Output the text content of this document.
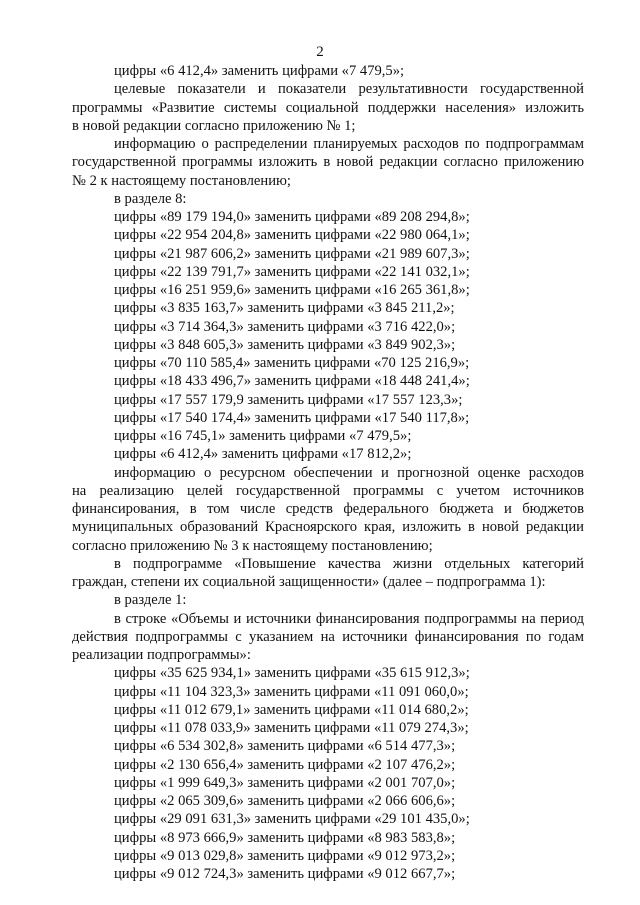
2
цифры «6 412,4» заменить цифрами «7 479,5»;
целевые показатели и показатели результативности государственной
программы «Развитие системы социальной поддержки населения» изложить
в новой редакции согласно приложению № 1;
информацию о распределении планируемых расходов по подпрограммам
государственной программы изложить в новой редакции согласно приложению
№ 2 к настоящему постановлению;
в разделе 8:
цифры «89 179 194,0» заменить цифрами «89 208 294,8»;
цифры «22 954 204,8» заменить цифрами «22 980 064,1»;
цифры «21 987 606,2» заменить цифрами «21 989 607,3»;
цифры «22 139 791,7» заменить цифрами «22 141 032,1»;
цифры «16 251 959,6» заменить цифрами «16 265 361,8»;
цифры «3 835 163,7» заменить цифрами «3 845 211,2»;
цифры «3 714 364,3» заменить цифрами «3 716 422,0»;
цифры «3 848 605,3» заменить цифрами «3 849 902,3»;
цифры «70 110 585,4» заменить цифрами «70 125 216,9»;
цифры «18 433 496,7» заменить цифрами «18 448 241,4»;
цифры «17 557 179,9 заменить цифрами «17 557 123,3»;
цифры «17 540 174,4» заменить цифрами «17 540 117,8»;
цифры «16 745,1» заменить цифрами «7 479,5»;
цифры «6 412,4» заменить цифрами «17 812,2»;
информацию о ресурсном обеспечении и прогнозной оценке расходов
на реализацию целей государственной программы с учетом источников
финансирования, в том числе средств федерального бюджета и бюджетов
муниципальных образований Красноярского края, изложить в новой редакции
согласно приложению № 3 к настоящему постановлению;
в подпрограмме «Повышение качества жизни отдельных категорий
граждан, степени их социальной защищенности» (далее – подпрограмма 1):
в разделе 1:
в строке «Объемы и источники финансирования подпрограммы на период
действия подпрограммы с указанием на источники финансирования по годам
реализации подпрограммы»:
цифры «35 625 934,1» заменить цифрами «35 615 912,3»;
цифры «11 104 323,3» заменить цифрами «11 091 060,0»;
цифры «11 012 679,1» заменить цифрами «11 014 680,2»;
цифры «11 078 033,9» заменить цифрами «11 079 274,3»;
цифры «6 534 302,8» заменить цифрами «6 514 477,3»;
цифры «2 130 656,4» заменить цифрами «2 107 476,2»;
цифры «1 999 649,3» заменить цифрами «2 001 707,0»;
цифры «2 065 309,6» заменить цифрами «2 066 606,6»;
цифры «29 091 631,3» заменить цифрами «29 101 435,0»;
цифры «8 973 666,9» заменить цифрами «8 983 583,8»;
цифры «9 013 029,8» заменить цифрами «9 012 973,2»;
цифры «9 012 724,3» заменить цифрами «9 012 667,7»;
